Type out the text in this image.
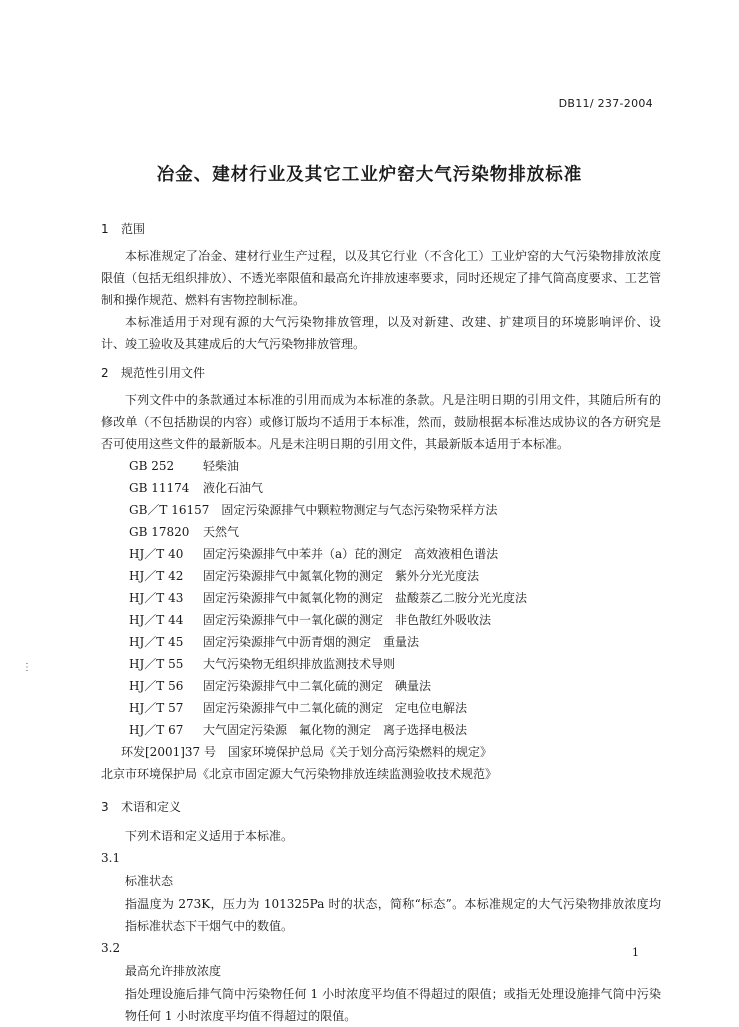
DB11/ 237-2004
冶金、建材行业及其它工业炉窑大气污染物排放标准
1 范围

本标准规定了冶金、建材行业生产过程，以及其它行业（不含化工）工业炉窑的大气污染物排放浓度限值（包括无组织排放）、不透光率限值和最高允许排放速率要求，同时还规定了排气筒高度要求、工艺管制和操作规范、燃料有害物控制标准。

本标准适用于对现有源的大气污染物排放管理，以及对新建、改建、扩建项目的环境影响评价、设计、竣工验收及其建成后的大气污染物排放管理。

2 规范性引用文件

下列文件中的条款通过本标准的引用而成为本标准的条款。凡是注明日期的引用文件，其随后所有的修改单（不包括勘误的内容）或修订版均不适用于本标准，然而，鼓励根据本标准达成协议的各方研究是否可使用这些文件的最新版本。凡是未注明日期的引用文件，其最新版本适用于本标准。

GB 252　 轻柴油
GB 11174　 液化石油气
GB／T 16157　 固定污染源排气中颗粒物测定与气态污染物采样方法
GB 17820　 天然气
HJ／T 40　 固定污染源排气中苯并（a）芘的测定　高效液相色谱法
HJ／T 42　 固定污染源排气中氮氧化物的测定　紫外分光光度法
HJ／T 43　 固定污染源排气中氮氧化物的测定　盐酸萘乙二胺分光光度法
HJ／T 44　 固定污染源排气中一氧化碳的测定　非色散红外吸收法
HJ／T 45　 固定污染源排气中沥青烟的测定　重量法
HJ／T 55　 大气污染物无组织排放监测技术导则
HJ／T 56　 固定污染源排气中二氧化硫的测定　碘量法
HJ／T 57　 固定污染源排气中二氧化硫的测定　定电位电解法
HJ／T 67　 大气固定污染源　氟化物的测定　离子选择电极法
环发[2001]37 号　国家环境保护总局《关于划分高污染燃料的规定》
北京市环境保护局《北京市固定源大气污染物排放连续监测验收技术规范》
3 术语和定义

下列术语和定义适用于本标准。

3.1
标准状态

指温度为 273K，压力为 101325Pa 时的状态，简称“标态”。本标准规定的大气污染物排放浓度均指标准状态下干烟气中的数值。

3.2
最高允许排放浓度

指处理设施后排气筒中污染物任何 1 小时浓度平均值不得超过的限值；或指无处理设施排气筒中污染物任何 1 小时浓度平均值不得超过的限值。

⋮
1
